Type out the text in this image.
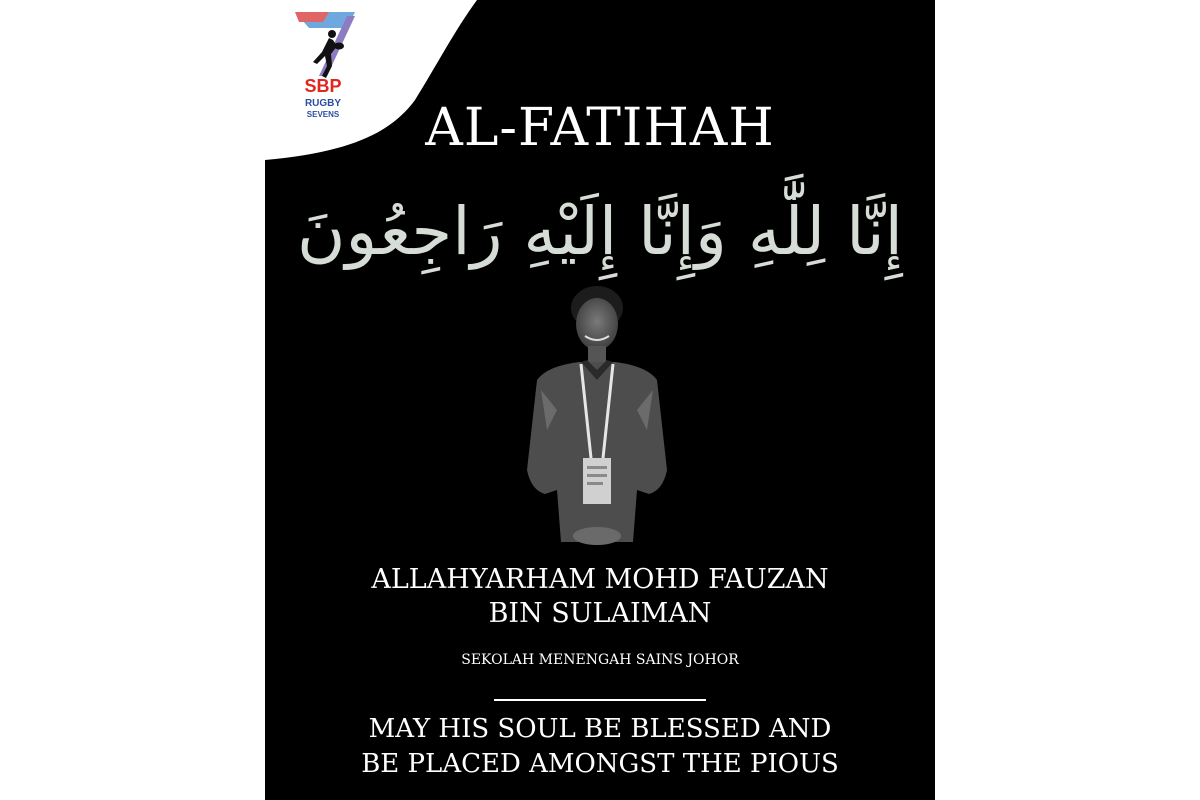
SBP
RUGBY
SEVENS	AL-FATIHAH
إِنَّا لِلَّٰهِ وَإِنَّا إِلَيْهِ رَاجِعُونَ
ALLAHYARHAM MOHD FAUZAN
BIN SULAIMAN
SEKOLAH MENENGAH SAINS JOHOR
MAY HIS SOUL BE BLESSED AND
BE PLACED AMONGST THE PIOUS
